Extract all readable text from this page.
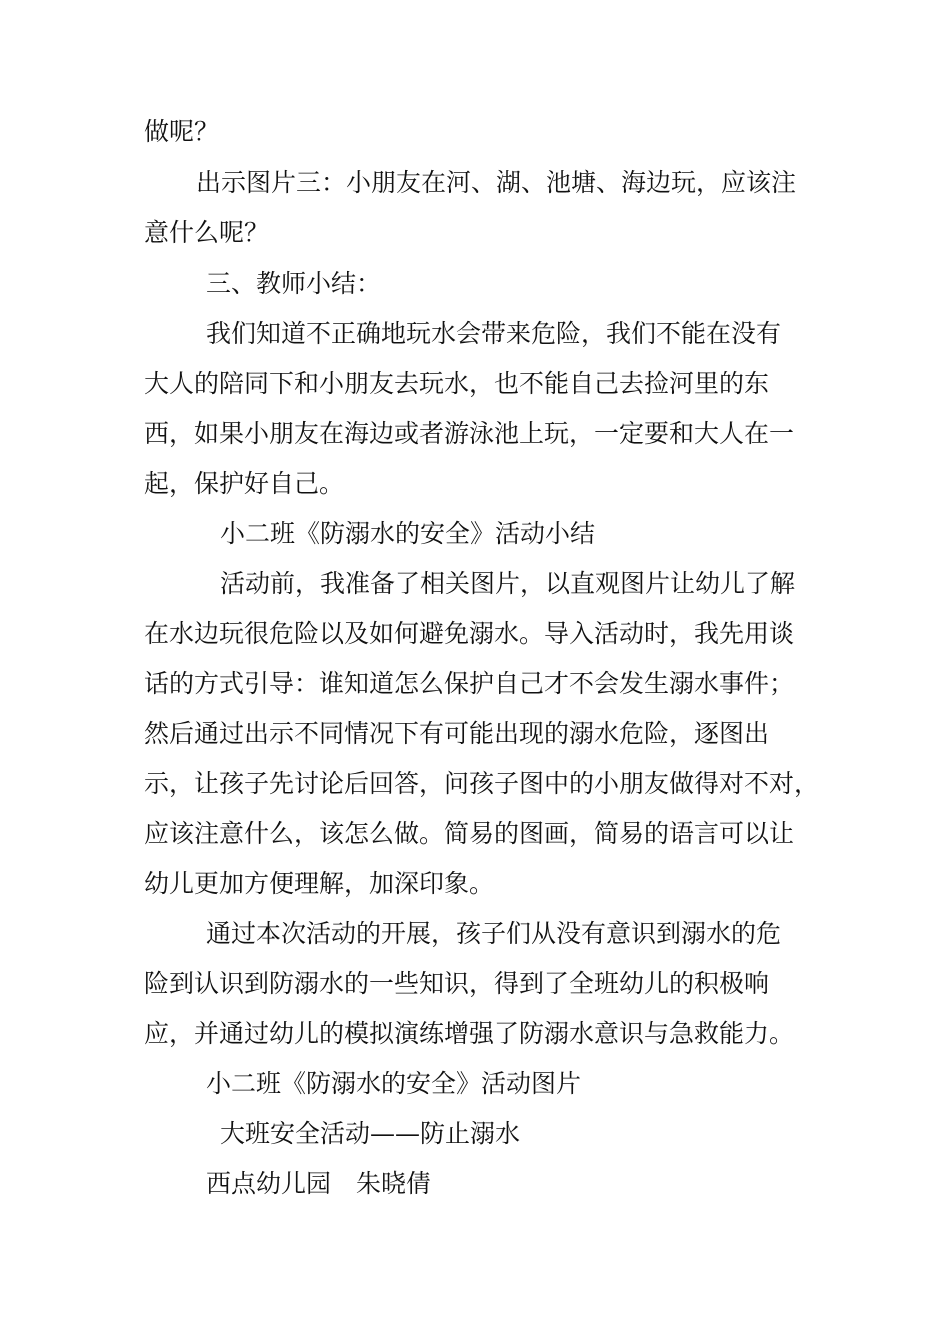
做呢？
出示图片三：小朋友在河、湖、池塘、海边玩，应该注
意什么呢？
三、教师小结：
我们知道不正确地玩水会带来危险，我们不能在没有
大人的陪同下和小朋友去玩水，也不能自己去捡河里的东
西，如果小朋友在海边或者游泳池上玩，一定要和大人在一
起，保护好自己。
小二班《防溺水的安全》活动小结
活动前，我准备了相关图片，以直观图片让幼儿了解
在水边玩很危险以及如何避免溺水。导入活动时，我先用谈
话的方式引导：谁知道怎么保护自己才不会发生溺水事件；
然后通过出示不同情况下有可能出现的溺水危险，逐图出
示，让孩子先讨论后回答，问孩子图中的小朋友做得对不对，
应该注意什么，该怎么做。简易的图画，简易的语言可以让
幼儿更加方便理解，加深印象。
通过本次活动的开展，孩子们从没有意识到溺水的危
险到认识到防溺水的一些知识，得到了全班幼儿的积极响
应，并通过幼儿的模拟演练增强了防溺水意识与急救能力。
小二班《防溺水的安全》活动图片
大班安全活动——防止溺水
西点幼儿园　朱晓倩
